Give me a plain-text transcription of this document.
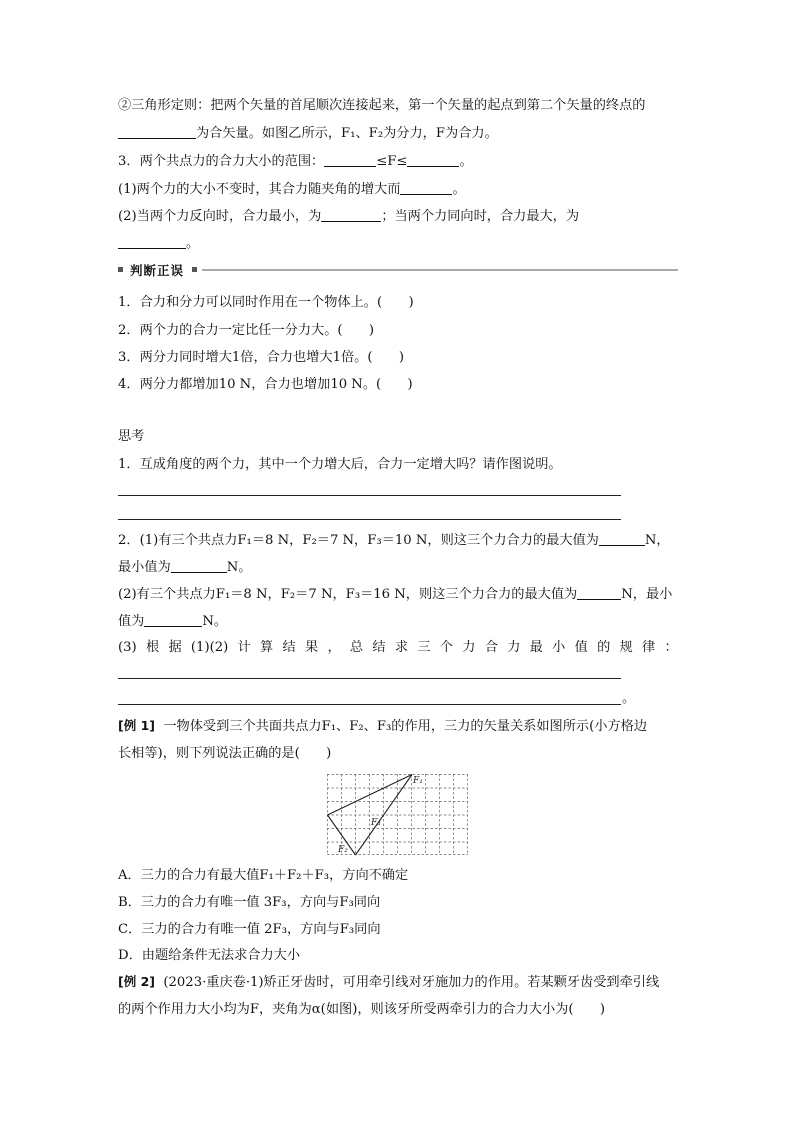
②三角形定则：把两个矢量的首尾顺次连接起来，第一个矢量的起点到第二个矢量的终点的
为合矢量。如图乙所示，F₁、F₂为分力，F为合力。
3．两个共点力的合力大小的范围：	≤F≤	。
(1)两个力的大小不变时，其合力随夹角的增大而	。
(2)当两个力反向时，合力最小，为	；当两个力同向时，合力最大，为
。
判断正误
1．合力和分力可以同时作用在一个物体上。(　　)
2．两个力的合力一定比任一分力大。(　　)
3．两分力同时增大1倍，合力也增大1倍。(　　)
4．两分力都增加10 N，合力也增加10 N。(　　)
思考
1．互成角度的两个力，其中一个力增大后，合力一定增大吗？请作图说明。
2．(1)有三个共点力F₁＝8 N，F₂＝7 N，F₃＝10 N，则这三个力合力的最大值为	N，
最小值为	N。
(2)有三个共点力F₁＝8 N，F₂＝7 N，F₃＝16 N，则这三个力合力的最大值为	N，最小
值为	N。
(3) 根 据 (1)(2) 计 算 结 果 ， 总 结 求 三 个 力 合 力 最 小 值 的 规 律 ：
。
[例 1] 一物体受到三个共面共点力F₁、F₂、F₃的作用，三力的矢量关系如图所示(小方格边
长相等)，则下列说法正确的是(　　)
F₁
F₂
F₃
A．三力的合力有最大值F₁＋F₂＋F₃，方向不确定
B．三力的合力有唯一值 3F₃，方向与F₃同向
C．三力的合力有唯一值 2F₃，方向与F₃同向
D．由题给条件无法求合力大小
[例 2] (2023·重庆卷·1)矫正牙齿时，可用牵引线对牙施加力的作用。若某颗牙齿受到牵引线
的两个作用力大小均为F，夹角为α(如图)，则该牙所受两牵引力的合力大小为(　　)
